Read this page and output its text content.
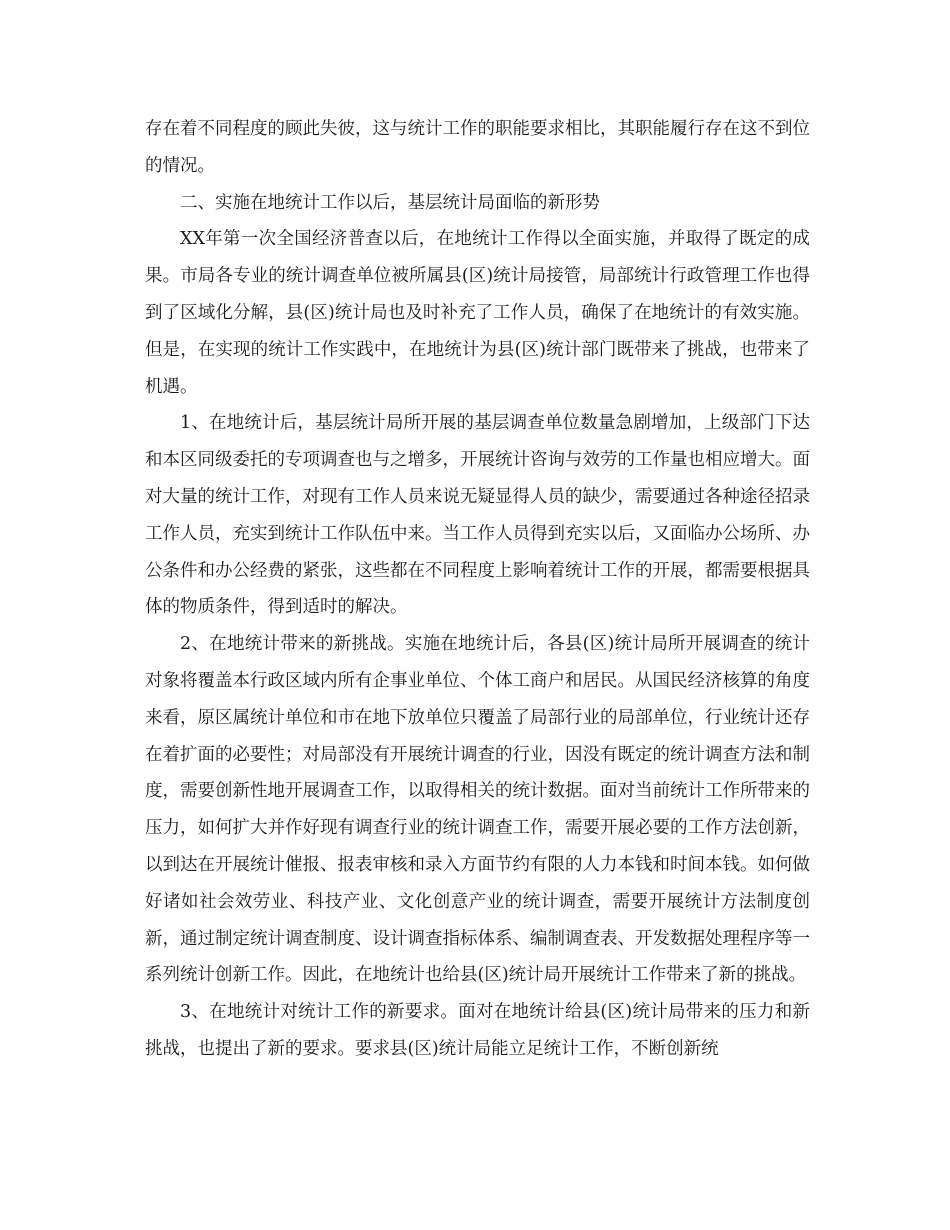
存在着不同程度的顾此失彼，这与统计工作的职能要求相比，其职能履行存在这不到位的情况。

二、实施在地统计工作以后，基层统计局面临的新形势

XX年第一次全国经济普查以后，在地统计工作得以全面实施，并取得了既定的成果。市局各专业的统计调查单位被所属县(区)统计局接管，局部统计行政管理工作也得到了区域化分解，县(区)统计局也及时补充了工作人员，确保了在地统计的有效实施。但是，在实现的统计工作实践中，在地统计为县(区)统计部门既带来了挑战，也带来了机遇。

1、在地统计后，基层统计局所开展的基层调查单位数量急剧增加，上级部门下达和本区同级委托的专项调查也与之增多，开展统计咨询与效劳的工作量也相应增大。面对大量的统计工作，对现有工作人员来说无疑显得人员的缺少，需要通过各种途径招录工作人员，充实到统计工作队伍中来。当工作人员得到充实以后，又面临办公场所、办公条件和办公经费的紧张，这些都在不同程度上影响着统计工作的开展，都需要根据具体的物质条件，得到适时的解决。

2、在地统计带来的新挑战。实施在地统计后，各县(区)统计局所开展调查的统计对象将覆盖本行政区域内所有企事业单位、个体工商户和居民。从国民经济核算的角度来看，原区属统计单位和市在地下放单位只覆盖了局部行业的局部单位，行业统计还存在着扩面的必要性；对局部没有开展统计调查的行业，因没有既定的统计调查方法和制度，需要创新性地开展调查工作，以取得相关的统计数据。面对当前统计工作所带来的压力，如何扩大并作好现有调查行业的统计调查工作，需要开展必要的工作方法创新，以到达在开展统计催报、报表审核和录入方面节约有限的人力本钱和时间本钱。如何做好诸如社会效劳业、科技产业、文化创意产业的统计调查，需要开展统计方法制度创新，通过制定统计调查制度、设计调查指标体系、编制调查表、开发数据处理程序等一系列统计创新工作。因此，在地统计也给县(区)统计局开展统计工作带来了新的挑战。

3、在地统计对统计工作的新要求。面对在地统计给县(区)统计局带来的压力和新挑战，也提出了新的要求。要求县(区)统计局能立足统计工作，不断创新统
